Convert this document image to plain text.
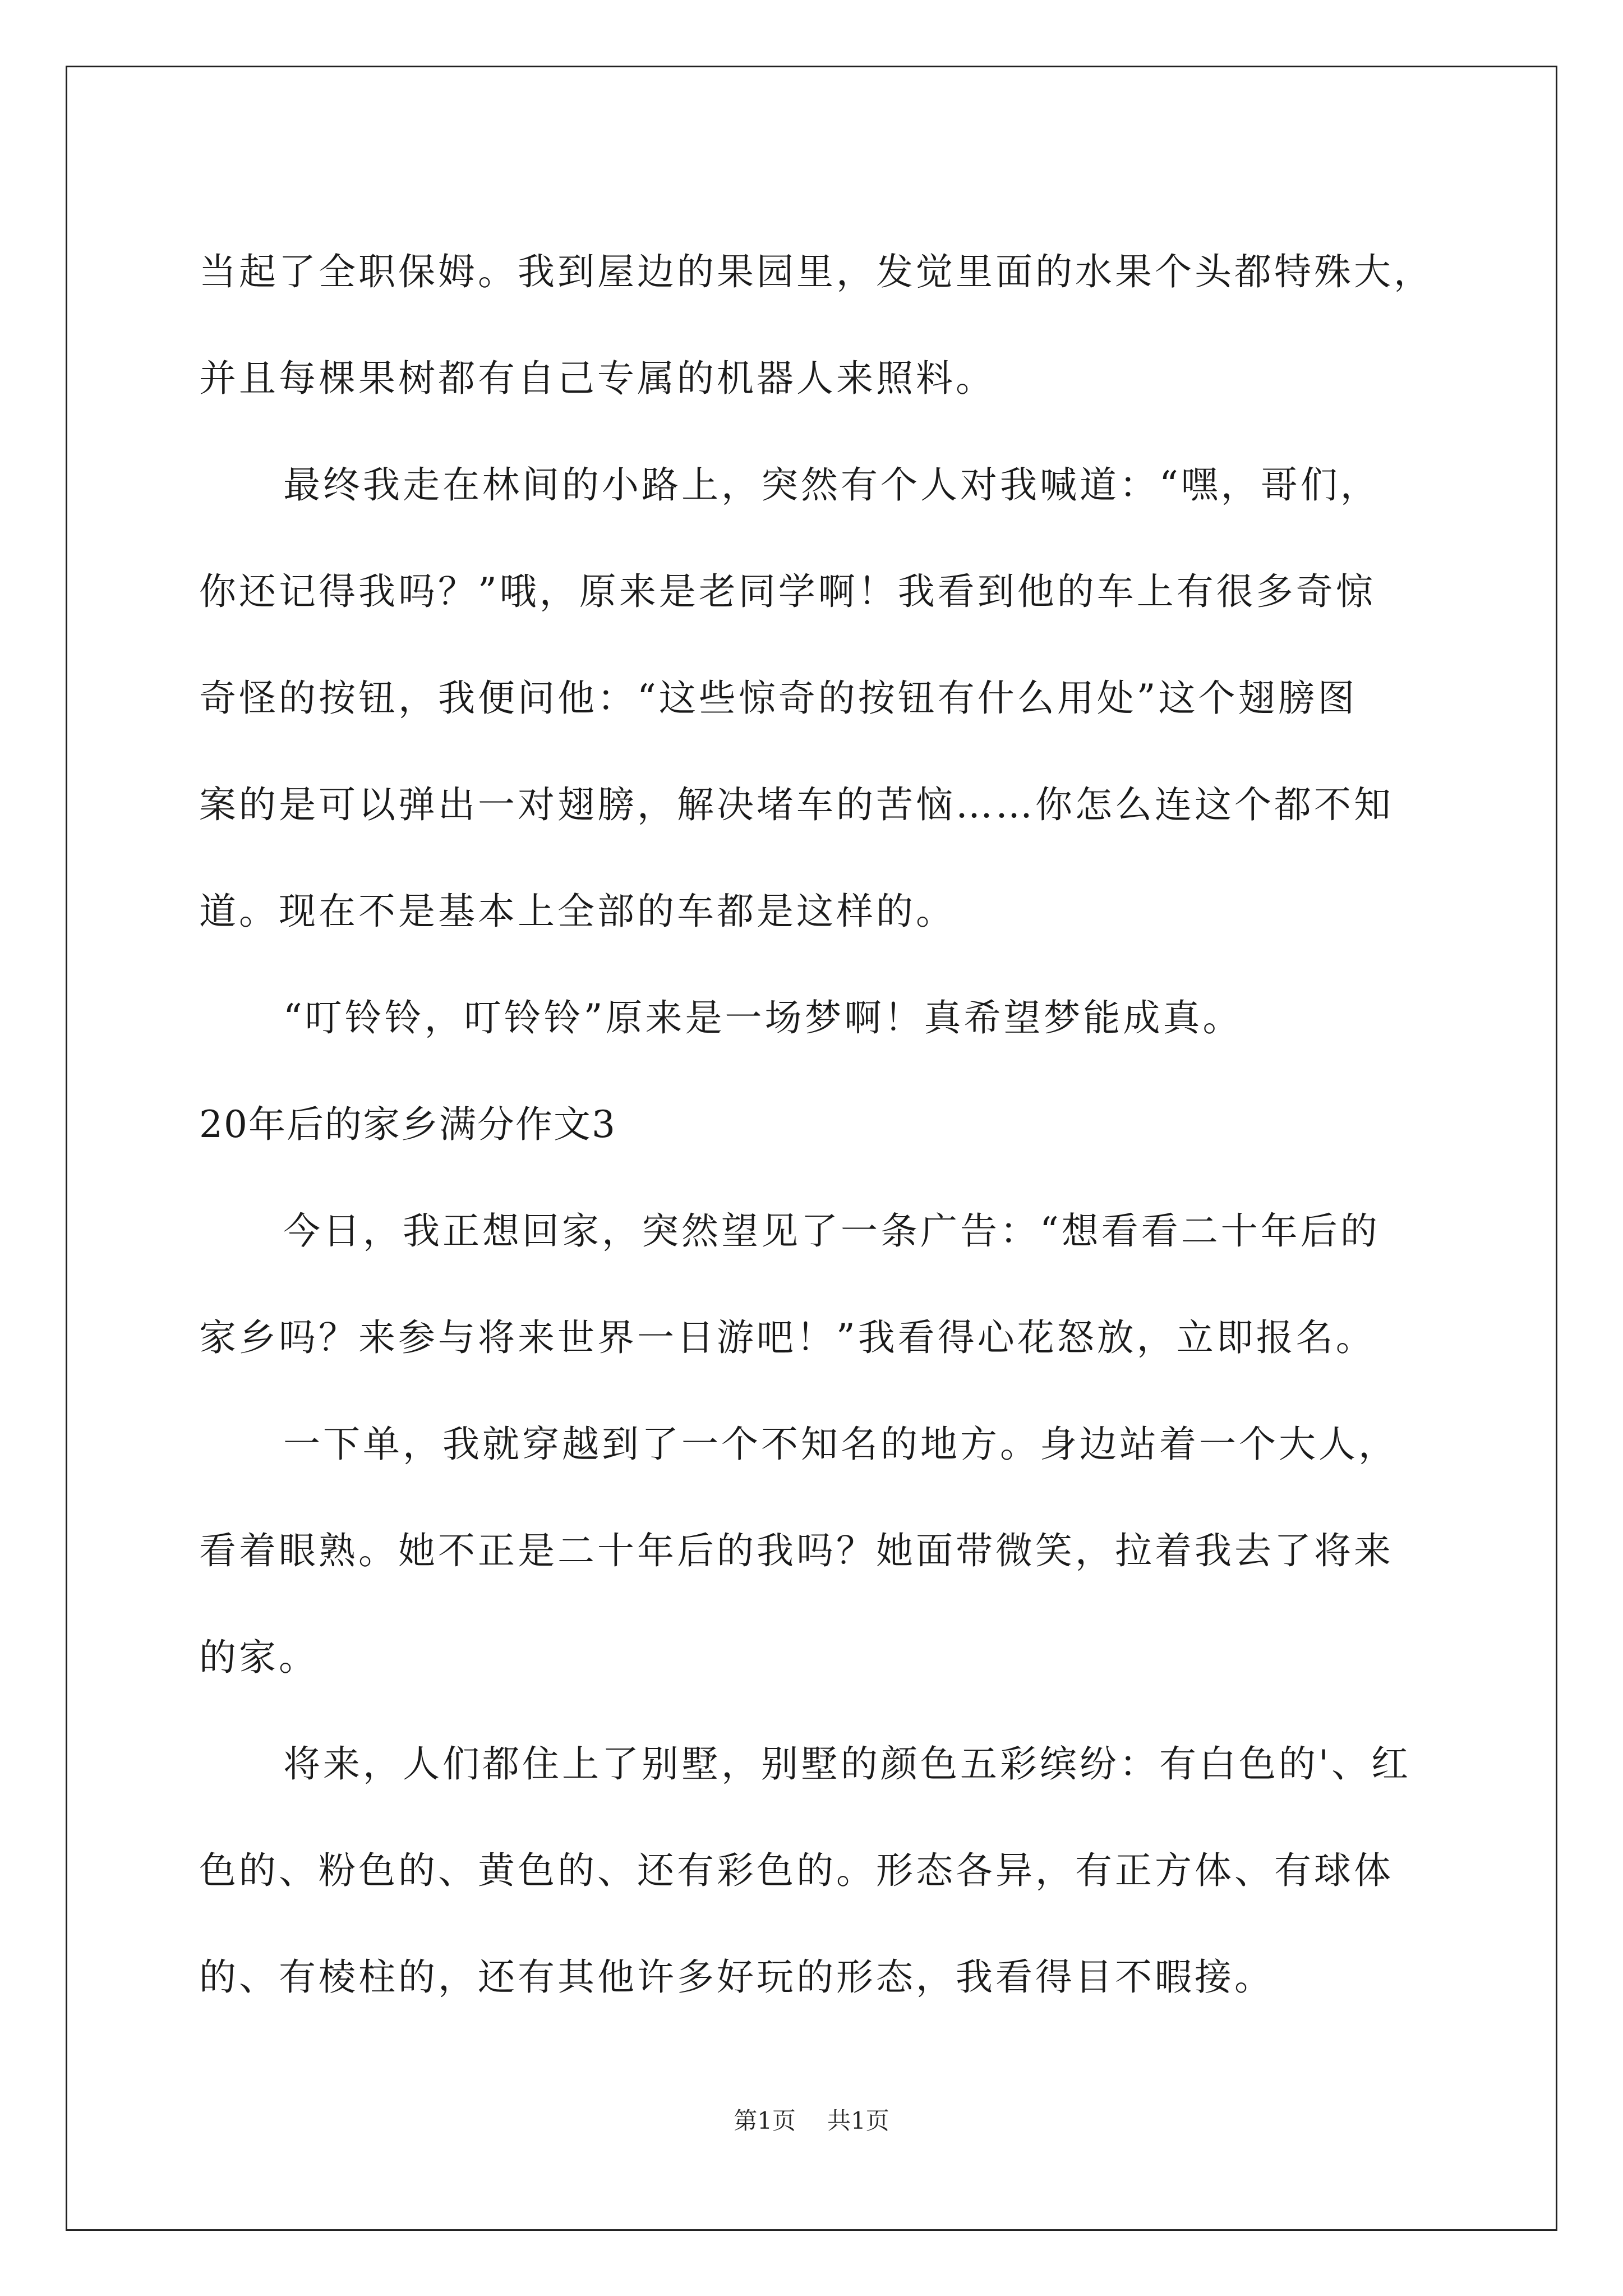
当起了全职保姆。我到屋边的果园里，发觉里面的水果个头都特殊大，
并且每棵果树都有自己专属的机器人来照料。
最终我走在林间的小路上，突然有个人对我喊道：“嘿，哥们，
你还记得我吗？”哦，原来是老同学啊！我看到他的车上有很多奇惊
奇怪的按钮，我便问他：“这些惊奇的按钮有什么用处”这个翅膀图
案的是可以弹出一对翅膀，解决堵车的苦恼……你怎么连这个都不知
道。现在不是基本上全部的车都是这样的。
“叮铃铃，叮铃铃”原来是一场梦啊！真希望梦能成真。
20年后的家乡满分作文3
今日，我正想回家，突然望见了一条广告：“想看看二十年后的
家乡吗？来参与将来世界一日游吧！”我看得心花怒放，立即报名。
一下单，我就穿越到了一个不知名的地方。身边站着一个大人，
看着眼熟。她不正是二十年后的我吗？她面带微笑，拉着我去了将来
的家。
将来，人们都住上了别墅，别墅的颜色五彩缤纷：有白色的'、红
色的、粉色的、黄色的、还有彩色的。形态各异，有正方体、有球体
的、有棱柱的，还有其他许多好玩的形态，我看得目不暇接。
第1页 共1页
